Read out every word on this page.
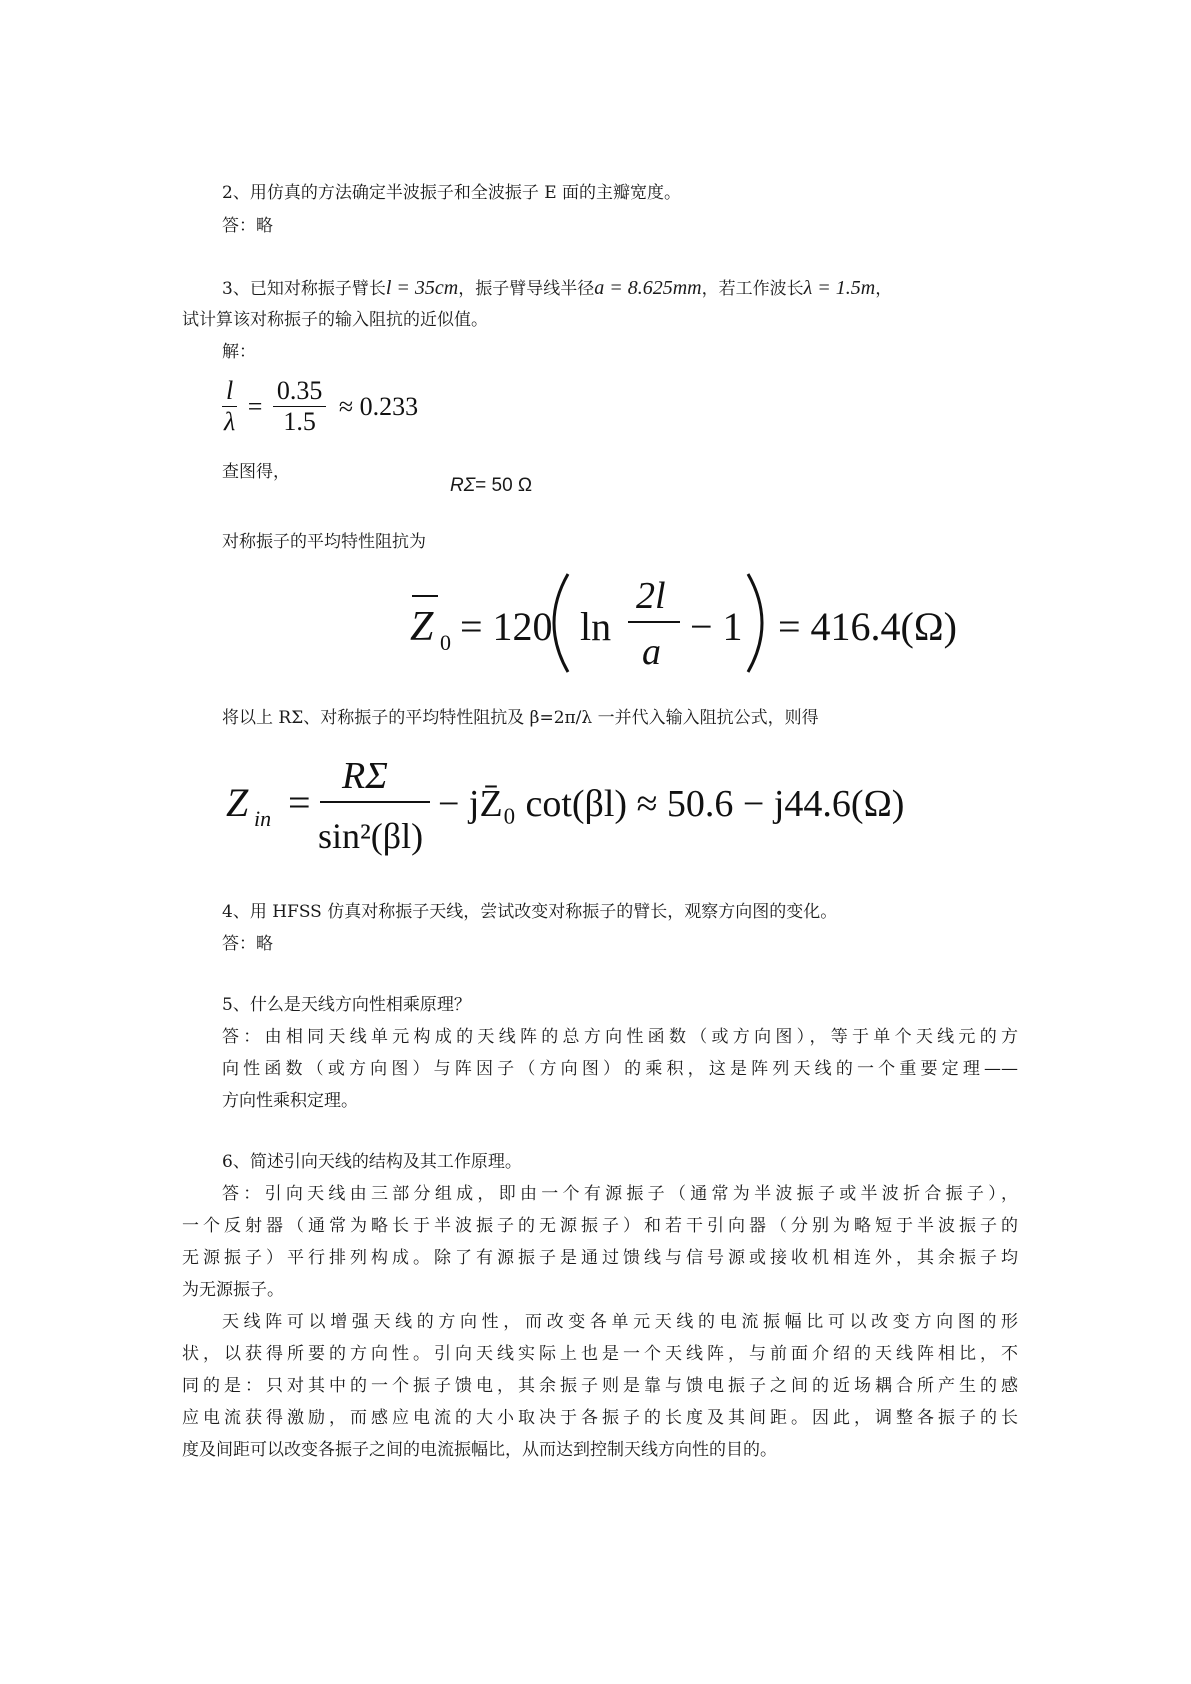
2、用仿真的方法确定半波振子和全波振子 E 面的主瓣宽度。
答：略
3、已知对称振子臂长l = 35cm，振子臂导线半径a = 8.625mm，若工作波长λ = 1.5m，
试计算该对称振子的输入阻抗的近似值。
解：
$\frac{l}{\lambda} = \frac{0.35}{1.5} \approx 0.233$
查图得，
RΣ= 50 Ω
对称振子的平均特性阻抗为
Z 0 = 120 ln
2l
a
− 1 = 416.4(Ω)
将以上 RΣ、对称振子的平均特性阻抗及 β=2π/λ 一并代入输入阻抗公式，则得
Z in =
RΣ
sin²(βl)
− jZ̄₀ cot(βl) ≈ 50.6 − j44.6(Ω)
4、用 HFSS 仿真对称振子天线，尝试改变对称振子的臂长，观察方向图的变化。
答：略
5、什么是天线方向性相乘原理？
答：由相同天线单元构成的天线阵的总方向性函数（或方向图），等于单个天线元的方
向性函数（或方向图）与阵因子（方向图）的乘积，这是阵列天线的一个重要定理——
方向性乘积定理。
6、简述引向天线的结构及其工作原理。
答：引向天线由三部分组成，即由一个有源振子（通常为半波振子或半波折合振子），
一个反射器（通常为略长于半波振子的无源振子）和若干引向器（分别为略短于半波振子的
无源振子）平行排列构成。除了有源振子是通过馈线与信号源或接收机相连外，其余振子均
为无源振子。
天线阵可以增强天线的方向性，而改变各单元天线的电流振幅比可以改变方向图的形
状，以获得所要的方向性。引向天线实际上也是一个天线阵，与前面介绍的天线阵相比，不
同的是：只对其中的一个振子馈电，其余振子则是靠与馈电振子之间的近场耦合所产生的感
应电流获得激励，而感应电流的大小取决于各振子的长度及其间距。因此，调整各振子的长
度及间距可以改变各振子之间的电流振幅比，从而达到控制天线方向性的目的。
